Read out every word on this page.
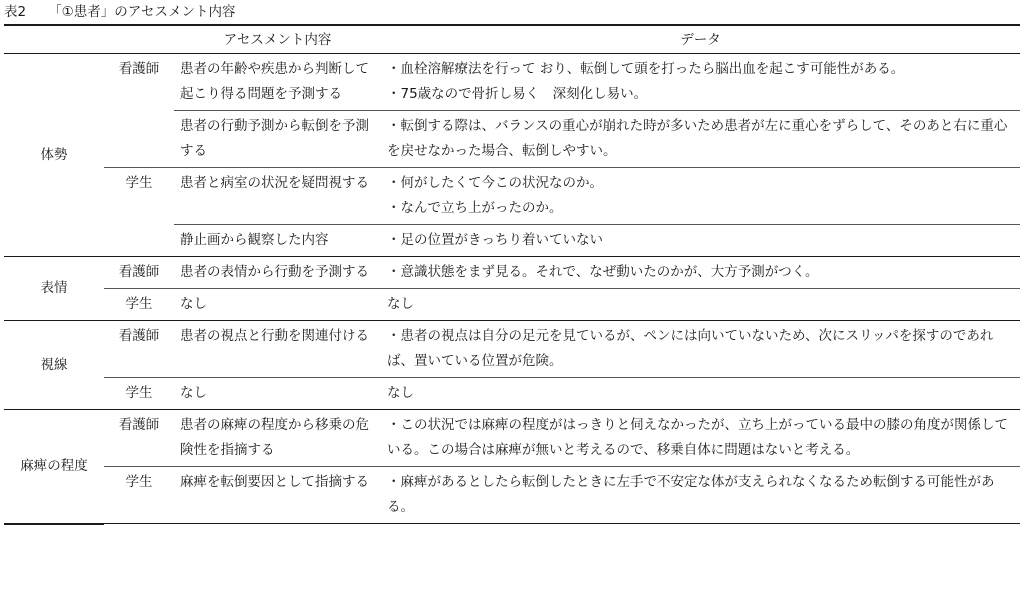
表2 「①患者」のアセスメント内容
		アセスメント内容	データ
体勢	看護師	患者の年齢や疾患から判断して起こり得る問題を予測する	・血栓溶解療法を行って おり、転倒して頭を打ったら脳出血を起こす可能性がある。
・75歳なので骨折し易く　深刻化し易い。

		患者の行動予測から転倒を予測する	・転倒する際は、バランスの重心が崩れた時が多いため患者が左に重心をずらして、そのあと右に重心を戻せなかった場合、転倒しやすい。
	学生	患者と病室の状況を疑問視する	・何がしたくて今この状況なのか。
・なんで立ち上がったのか。

		静止画から観察した内容	・足の位置がきっちり着いていない
表情	看護師	患者の表情から行動を予測する	・意識状態をまず見る。それで、なぜ動いたのかが、大方予測がつく。
	学生	なし	なし
視線	看護師	患者の視点と行動を関連付ける	・患者の視点は自分の足元を見ているが、ペンには向いていないため、次にスリッパを探すのであれば、置いている位置が危険。
	学生	なし	なし
麻痺の程度	看護師	患者の麻痺の程度から移乗の危険性を指摘する	・この状況では麻痺の程度がはっきりと伺えなかったが、立ち上がっている最中の膝の角度が関係している。この場合は麻痺が無いと考えるので、移乗自体に問題はないと考える。
	学生	麻痺を転倒要因として指摘する	・麻痺があるとしたら転倒したときに左手で不安定な体が支えられなくなるため転倒する可能性がある。
